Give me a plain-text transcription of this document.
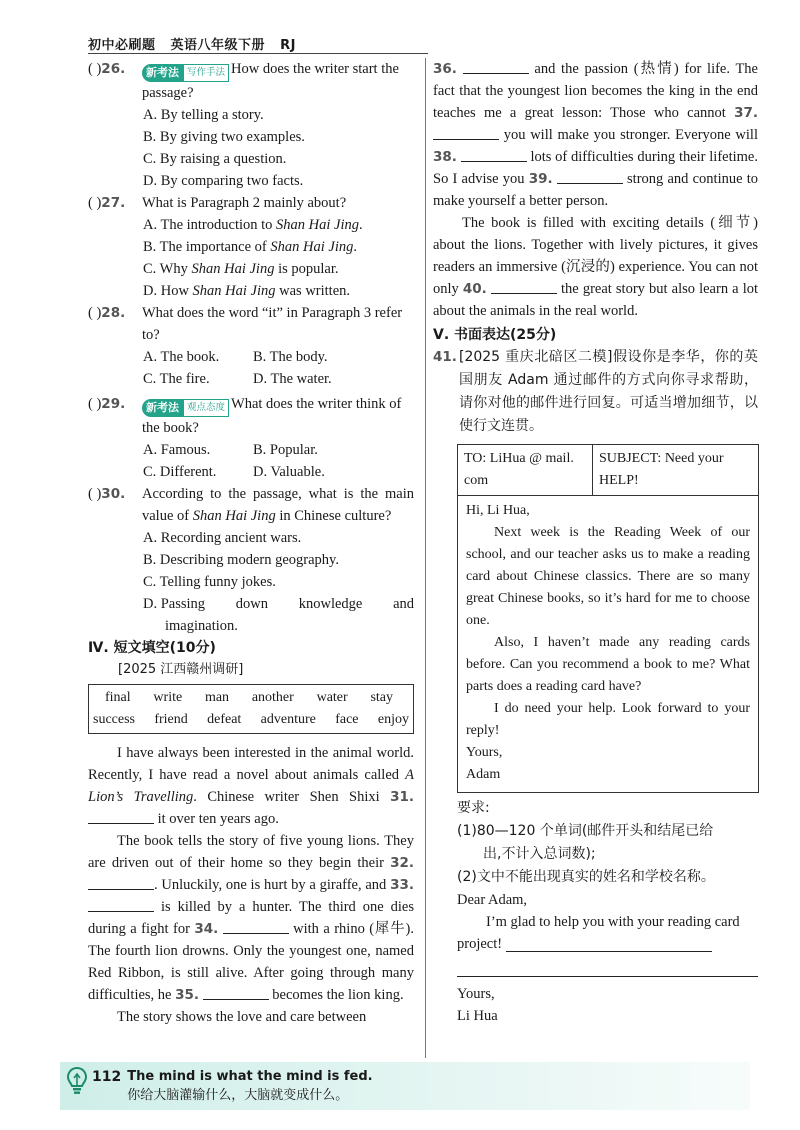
初中必刷题 英语八年级下册 RJ
( )26.	新考法 写作手法 How does the writer start the passage?
A. By telling a story.
B. By giving two examples.
C. By raising a question.
D. By comparing two facts.
( )27.	What is Paragraph 2 mainly about?
A. The introduction to Shan Hai Jing.
B. The importance of Shan Hai Jing.
C. Why Shan Hai Jing is popular.
D. How Shan Hai Jing was written.
( )28.	What does the word “it” in Paragraph 3 refer to?
A. The book.	B. The body.
C. The fire.	D. The water.
( )29.	新考法 观点态度 What does the writer think of the book?
A. Famous.	B. Popular.
C. Different.	D. Valuable.
( )30.	According to the passage, what is the main value of Shan Hai Jing in Chinese culture?
A. Recording ancient wars.
B. Describing modern geography.
C. Telling funny jokes.
D. Passing down knowledge and
imagination.
Ⅳ. 短文填空(10分)
[2025 江西赣州调研]
final write man another water stay
success friend defeat adventure face enjoy
I have always been interested in the animal world. Recently, I have read a novel about animals called A Lion’s Travelling. Chinese writer Shen Shixi 31.  it over ten years ago.
The book tells the story of five young lions. They are driven out of their home so they begin their 32. . Unluckily, one is hurt by a giraffe, and 33.  is killed by a hunter. The third one dies during a fight for 34.	with a rhino (犀牛). The fourth lion drowns. Only the youngest one, named Red Ribbon, is still alive. After going through many difficulties, he 35.	becomes the lion king.
The story shows the love and care between
36.	and the passion (热情) for life. The fact that the youngest lion becomes the king in the end teaches me a great lesson: Those who cannot 37.  you will make you stronger. Everyone will 38.	lots of difficulties during their lifetime. So I advise you 39.	strong and continue to make yourself a better person.
The book is filled with exciting details (细节) about the lions. Together with lively pictures, it gives readers an immersive (沉浸的) experience. You can not only 40.	the great story but also learn a lot about the animals in the real world.
Ⅴ. 书面表达(25分)
41. [2025 重庆北碚区二模]假设你是李华，你的英国朋友 Adam 通过邮件的方式向你寻求帮助，请你对他的邮件进行回复。可适当增加细节，以使行文连贯。
TO: LiHua @ mail. com
SUBJECT: Need your HELP!
Hi, Li Hua,
Next week is the Reading Week of our school, and our teacher asks us to make a reading card about Chinese classics. There are so many great Chinese books, so it’s hard for me to choose one.
Also, I haven’t made any reading cards before. Can you recommend a book to me? What parts does a reading card have?
I do need your help. Look forward to your reply!
Yours,
Adam
要求:
(1)80—120 个单词(邮件开头和结尾已给
出,不计入总词数);
(2)文中不能出现真实的姓名和学校名称。
Dear Adam,
I’m glad to help you with your reading card project!
Yours,
Li Hua
112 The mind is what the mind is fed.
你给大脑灌输什么，大脑就变成什么。
